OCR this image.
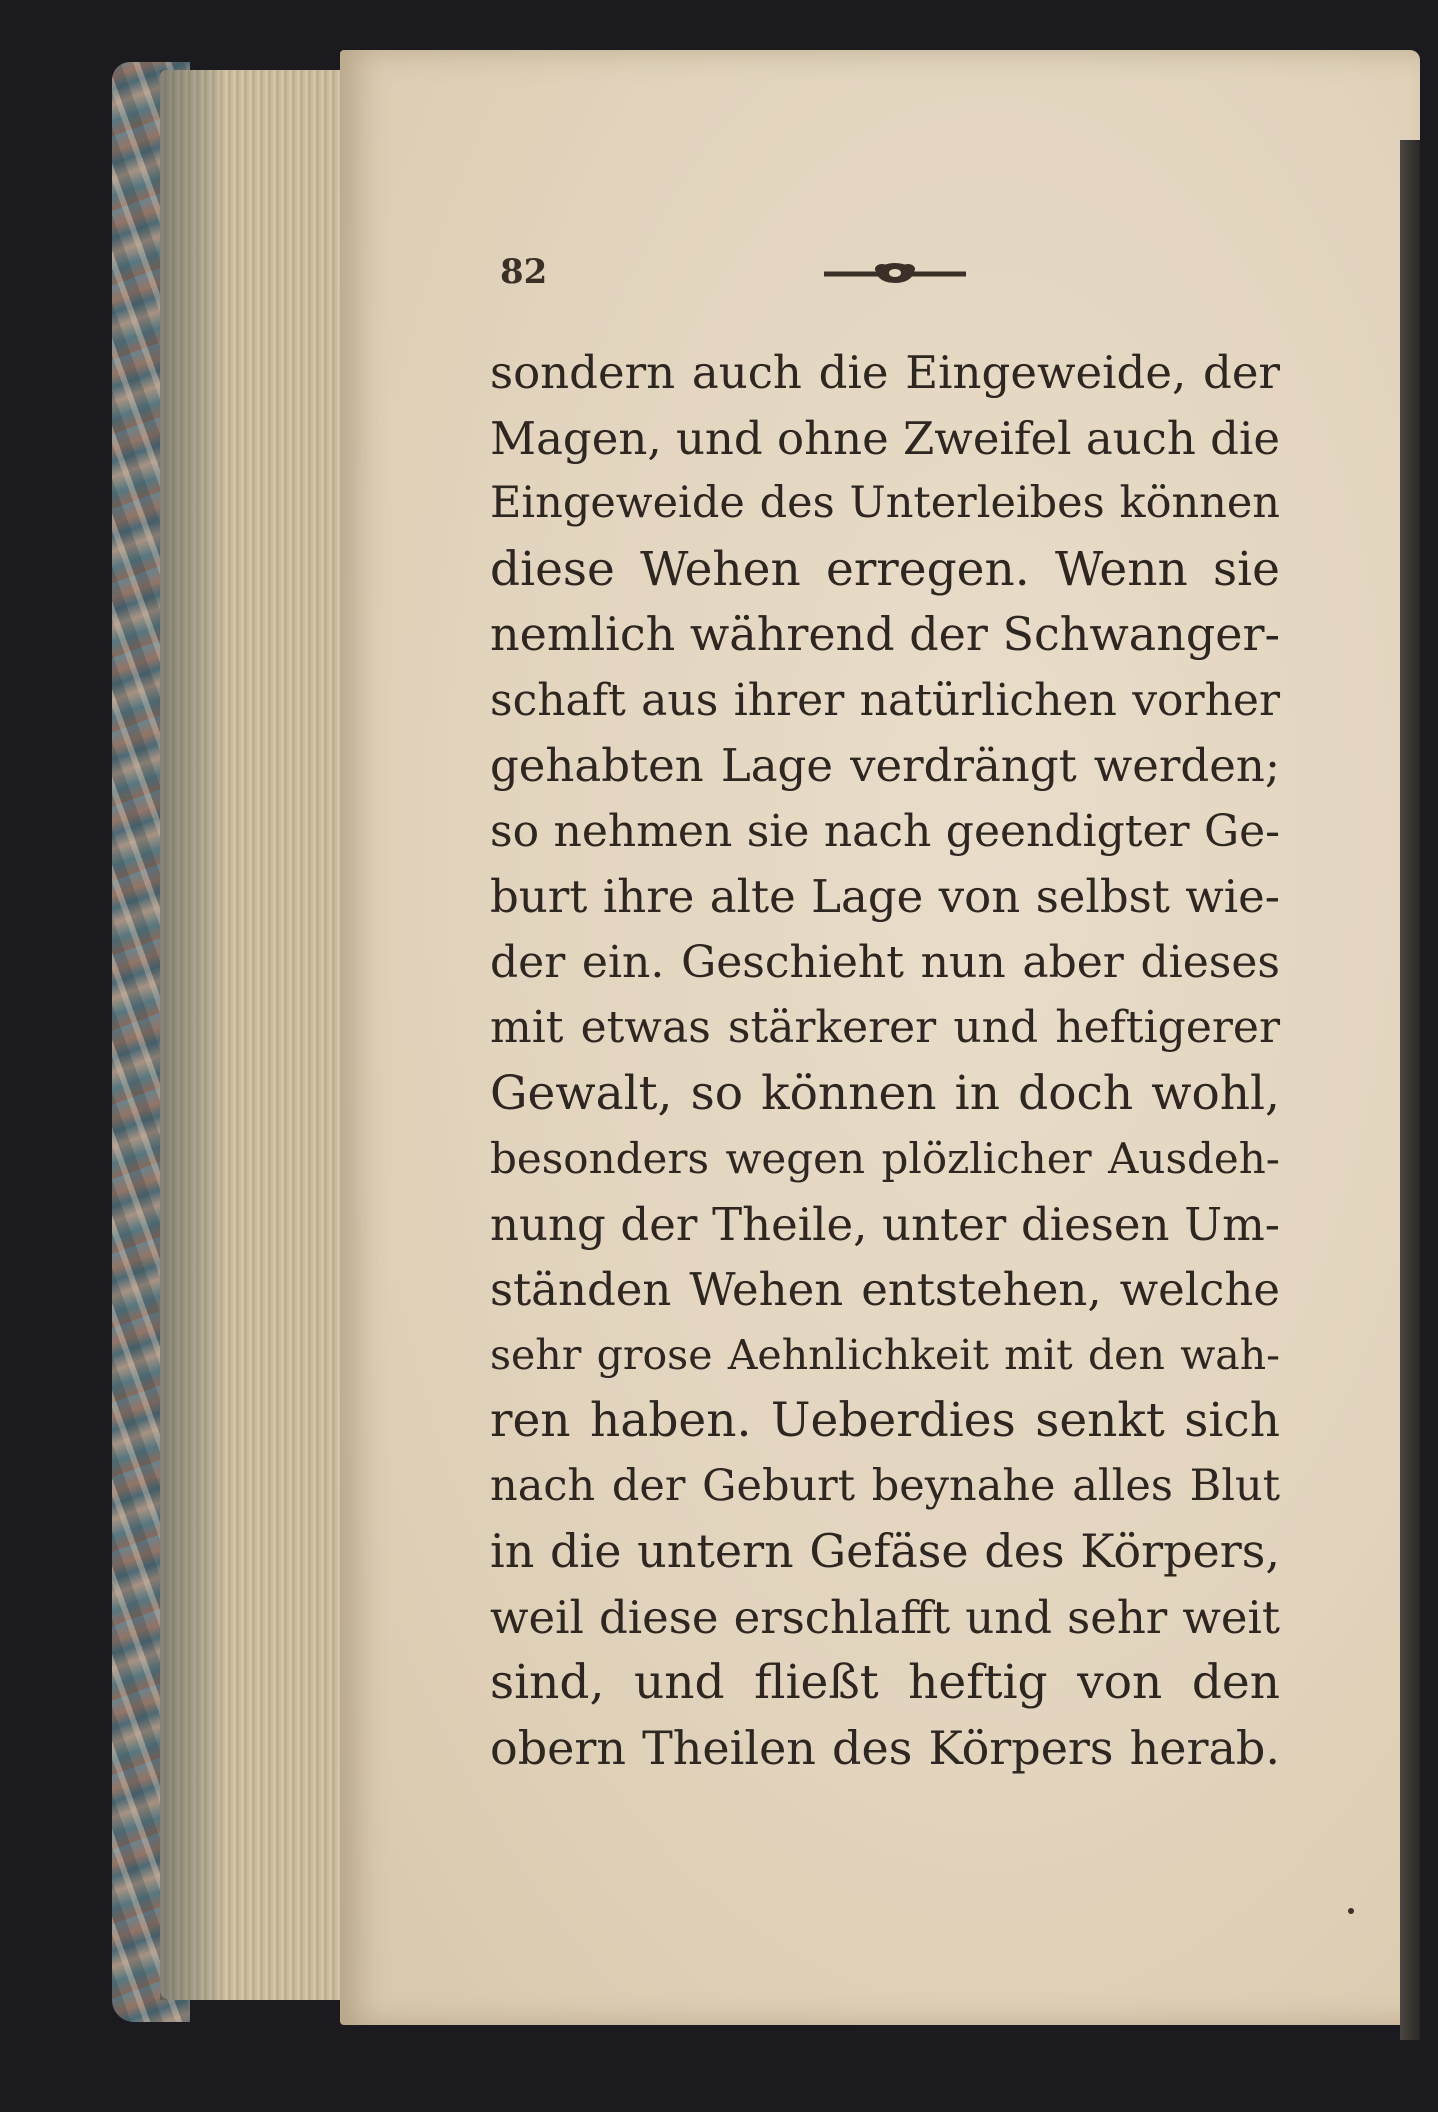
82
sondern auch die Eingeweide, der
Magen, und ohne Zweifel auch die
Eingeweide des Unterleibes können
diese Wehen erregen. Wenn sie
nemlich während der Schwanger-
schaft aus ihrer natürlichen vorher
gehabten Lage verdrängt werden;
so nehmen sie nach geendigter Ge-
burt ihre alte Lage von selbst wie-
der ein. Geschieht nun aber dieses
mit etwas stärkerer und heftigerer
Gewalt, so können in doch wohl,
besonders wegen plözlicher Ausdeh-
nung der Theile, unter diesen Um-
ständen Wehen entstehen, welche
sehr grose Aehnlichkeit mit den wah-
ren haben. Ueberdies senkt sich
nach der Geburt beynahe alles Blut
in die untern Gefäse des Körpers,
weil diese erschlafft und sehr weit
sind, und fließt heftig von den
obern Theilen des Körpers herab.
